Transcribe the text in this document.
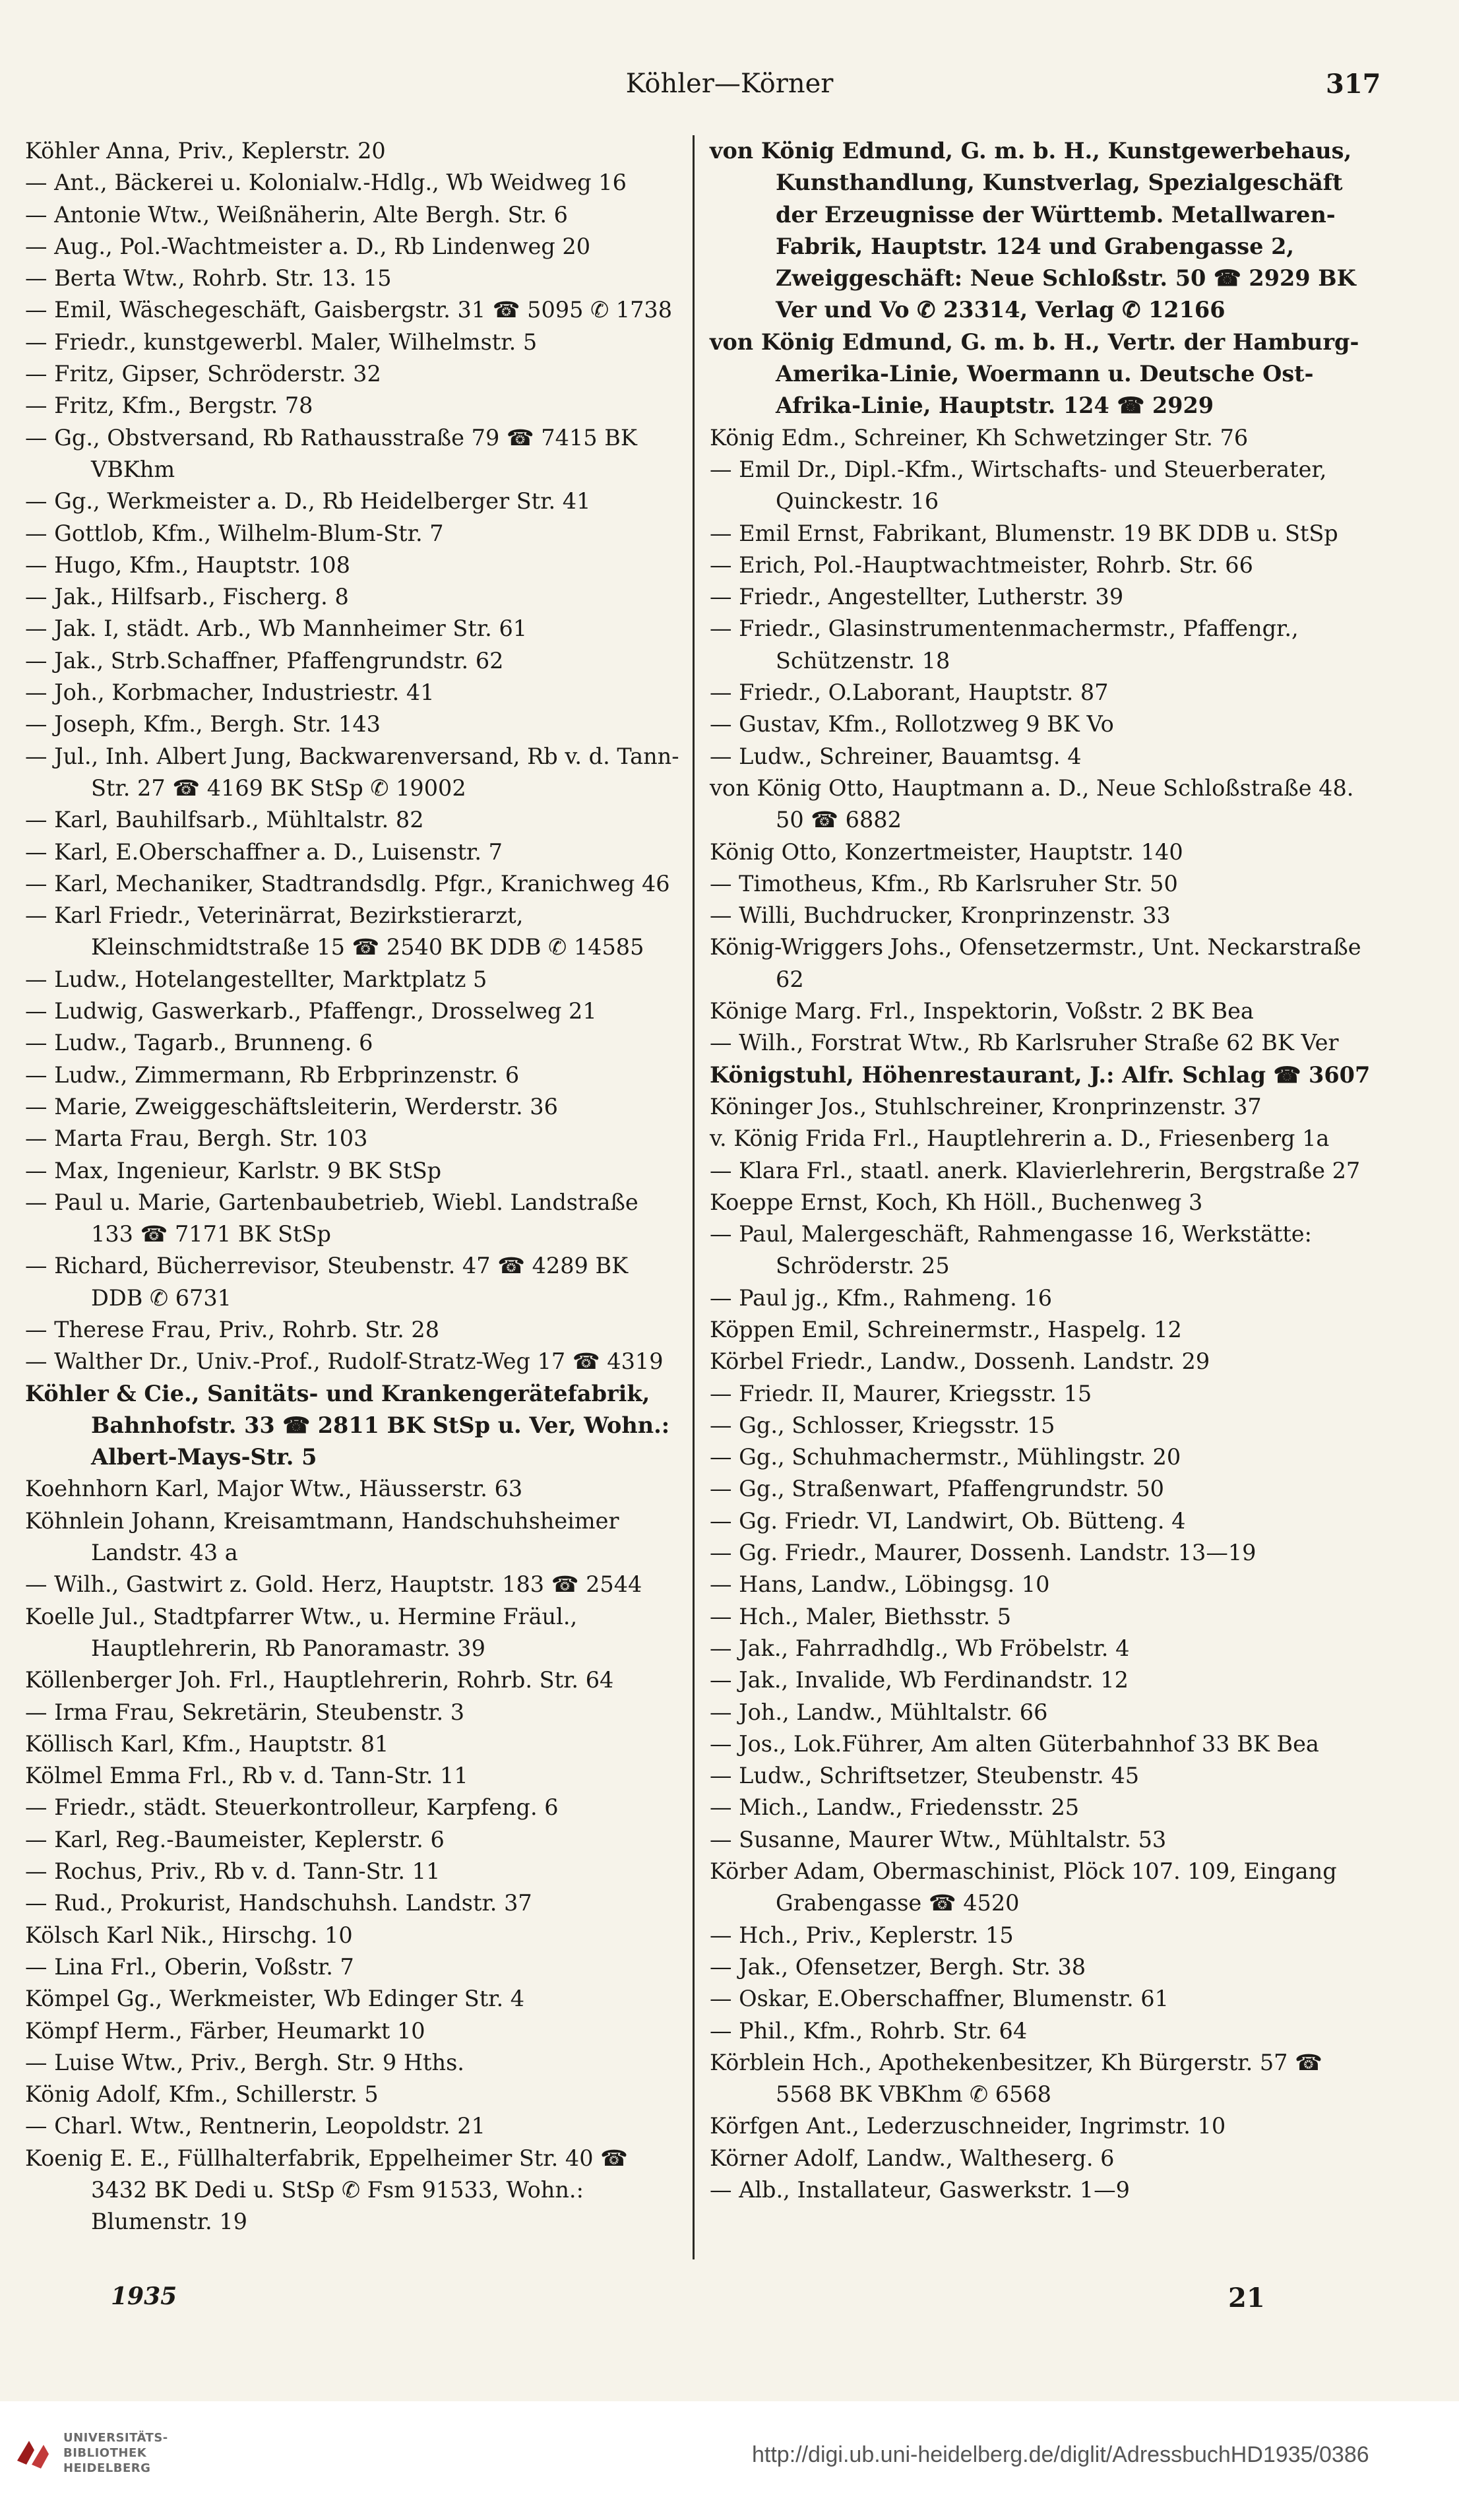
Köhler—Körner	317
Köhler Anna, Priv., Keplerstr. 20
— Ant., Bäckerei u. Kolonialw.-Hdlg., Wb Weidweg 16
— Antonie Wtw., Weißnäherin, Alte Bergh. Str. 6
— Aug., Pol.-Wachtmeister a. D., Rb Lindenweg 20
— Berta Wtw., Rohrb. Str. 13. 15
— Emil, Wäschegeschäft, Gaisbergstr. 31 ☎ 5095 ✆ 1738
— Friedr., kunstgewerbl. Maler, Wilhelmstr. 5
— Fritz, Gipser, Schröderstr. 32
— Fritz, Kfm., Bergstr. 78
— Gg., Obstversand, Rb Rathausstraße 79 ☎ 7415 BK VBKhm
— Gg., Werkmeister a. D., Rb Heidelberger Str. 41
— Gottlob, Kfm., Wilhelm-Blum-Str. 7
— Hugo, Kfm., Hauptstr. 108
— Jak., Hilfsarb., Fischerg. 8
— Jak. I, städt. Arb., Wb Mannheimer Str. 61
— Jak., Strb.Schaffner, Pfaffengrundstr. 62
— Joh., Korbmacher, Industriestr. 41
— Joseph, Kfm., Bergh. Str. 143
— Jul., Inh. Albert Jung, Backwarenversand, Rb v. d. Tann-Str. 27 ☎ 4169 BK StSp ✆ 19002
— Karl, Bauhilfsarb., Mühltalstr. 82
— Karl, E.Oberschaffner a. D., Luisenstr. 7
— Karl, Mechaniker, Stadtrandsdlg. Pfgr., Kranichweg 46
— Karl Friedr., Veterinärrat, Bezirkstierarzt, Kleinschmidtstraße 15 ☎ 2540 BK DDB ✆ 14585
— Ludw., Hotelangestellter, Marktplatz 5
— Ludwig, Gaswerkarb., Pfaffengr., Drosselweg 21
— Ludw., Tagarb., Brunneng. 6
— Ludw., Zimmermann, Rb Erbprinzenstr. 6
— Marie, Zweiggeschäftsleiterin, Werderstr. 36
— Marta Frau, Bergh. Str. 103
— Max, Ingenieur, Karlstr. 9 BK StSp
— Paul u. Marie, Gartenbaubetrieb, Wiebl. Landstraße 133 ☎ 7171 BK StSp
— Richard, Bücherrevisor, Steubenstr. 47 ☎ 4289 BK DDB ✆ 6731
— Therese Frau, Priv., Rohrb. Str. 28
— Walther Dr., Univ.-Prof., Rudolf-Stratz-Weg 17 ☎ 4319
Köhler & Cie., Sanitäts- und Krankengerätefabrik, Bahnhofstr. 33 ☎ 2811 BK StSp u. Ver, Wohn.: Albert-Mays-Str. 5
Koehnhorn Karl, Major Wtw., Häusserstr. 63
Köhnlein Johann, Kreisamtmann, Handschuhsheimer Landstr. 43 a
— Wilh., Gastwirt z. Gold. Herz, Hauptstr. 183 ☎ 2544
Koelle Jul., Stadtpfarrer Wtw., u. Hermine Fräul., Hauptlehrerin, Rb Panoramastr. 39
Köllenberger Joh. Frl., Hauptlehrerin, Rohrb. Str. 64
— Irma Frau, Sekretärin, Steubenstr. 3
Köllisch Karl, Kfm., Hauptstr. 81
Kölmel Emma Frl., Rb v. d. Tann-Str. 11
— Friedr., städt. Steuerkontrolleur, Karpfeng. 6
— Karl, Reg.-Baumeister, Keplerstr. 6
— Rochus, Priv., Rb v. d. Tann-Str. 11
— Rud., Prokurist, Handschuhsh. Landstr. 37
Kölsch Karl Nik., Hirschg. 10
— Lina Frl., Oberin, Voßstr. 7
Kömpel Gg., Werkmeister, Wb Edinger Str. 4
Kömpf Herm., Färber, Heumarkt 10
— Luise Wtw., Priv., Bergh. Str. 9 Hths.
König Adolf, Kfm., Schillerstr. 5
— Charl. Wtw., Rentnerin, Leopoldstr. 21
Koenig E. E., Füllhalterfabrik, Eppelheimer Str. 40 ☎ 3432 BK Dedi u. StSp ✆ Fsm 91533, Wohn.: Blumenstr. 19
von König Edmund, G. m. b. H., Kunstgewerbehaus, Kunsthandlung, Kunstverlag, Spezialgeschäft der Erzeugnisse der Württemb. Metallwaren-Fabrik, Hauptstr. 124 und Grabengasse 2, Zweiggeschäft: Neue Schloßstr. 50 ☎ 2929 BK Ver und Vo ✆ 23314, Verlag ✆ 12166
von König Edmund, G. m. b. H., Vertr. der Hamburg-Amerika-Linie, Woermann u. Deutsche Ost-Afrika-Linie, Hauptstr. 124 ☎ 2929
König Edm., Schreiner, Kh Schwetzinger Str. 76
— Emil Dr., Dipl.-Kfm., Wirtschafts- und Steuerberater, Quinckestr. 16
— Emil Ernst, Fabrikant, Blumenstr. 19 BK DDB u. StSp
— Erich, Pol.-Hauptwachtmeister, Rohrb. Str. 66
— Friedr., Angestellter, Lutherstr. 39
— Friedr., Glasinstrumentenmachermstr., Pfaffengr., Schützenstr. 18
— Friedr., O.Laborant, Hauptstr. 87
— Gustav, Kfm., Rollotzweg 9 BK Vo
— Ludw., Schreiner, Bauamtsg. 4
von König Otto, Hauptmann a. D., Neue Schloßstraße 48. 50 ☎ 6882
König Otto, Konzertmeister, Hauptstr. 140
— Timotheus, Kfm., Rb Karlsruher Str. 50
— Willi, Buchdrucker, Kronprinzenstr. 33
König-Wriggers Johs., Ofensetzermstr., Unt. Neckarstraße 62
Könige Marg. Frl., Inspektorin, Voßstr. 2 BK Bea
— Wilh., Forstrat Wtw., Rb Karlsruher Straße 62 BK Ver
Königstuhl, Höhenrestaurant, J.: Alfr. Schlag ☎ 3607
Köninger Jos., Stuhlschreiner, Kronprinzenstr. 37
v. König Frida Frl., Hauptlehrerin a. D., Friesenberg 1a
— Klara Frl., staatl. anerk. Klavierlehrerin, Bergstraße 27
Koeppe Ernst, Koch, Kh Höll., Buchenweg 3
— Paul, Malergeschäft, Rahmengasse 16, Werkstätte: Schröderstr. 25
— Paul jg., Kfm., Rahmeng. 16
Köppen Emil, Schreinermstr., Haspelg. 12
Körbel Friedr., Landw., Dossenh. Landstr. 29
— Friedr. II, Maurer, Kriegsstr. 15
— Gg., Schlosser, Kriegsstr. 15
— Gg., Schuhmachermstr., Mühlingstr. 20
— Gg., Straßenwart, Pfaffengrundstr. 50
— Gg. Friedr. VI, Landwirt, Ob. Bütteng. 4
— Gg. Friedr., Maurer, Dossenh. Landstr. 13—19
— Hans, Landw., Löbingsg. 10
— Hch., Maler, Biethsstr. 5
— Jak., Fahrradhdlg., Wb Fröbelstr. 4
— Jak., Invalide, Wb Ferdinandstr. 12
— Joh., Landw., Mühltalstr. 66
— Jos., Lok.Führer, Am alten Güterbahnhof 33 BK Bea
— Ludw., Schriftsetzer, Steubenstr. 45
— Mich., Landw., Friedensstr. 25
— Susanne, Maurer Wtw., Mühltalstr. 53
Körber Adam, Obermaschinist, Plöck 107. 109, Eingang Grabengasse ☎ 4520
— Hch., Priv., Keplerstr. 15
— Jak., Ofensetzer, Bergh. Str. 38
— Oskar, E.Oberschaffner, Blumenstr. 61
— Phil., Kfm., Rohrb. Str. 64
Körblein Hch., Apothekenbesitzer, Kh Bürgerstr. 57 ☎ 5568 BK VBKhm ✆ 6568
Körfgen Ant., Lederzuschneider, Ingrimstr. 10
Körner Adolf, Landw., Waltheserg. 6
— Alb., Installateur, Gaswerkstr. 1—9
1935	21
UNIVERSITÄTS-
BIBLIOTHEK
HEIDELBERG
http://digi.ub.uni-heidelberg.de/diglit/AdressbuchHD1935/0386
